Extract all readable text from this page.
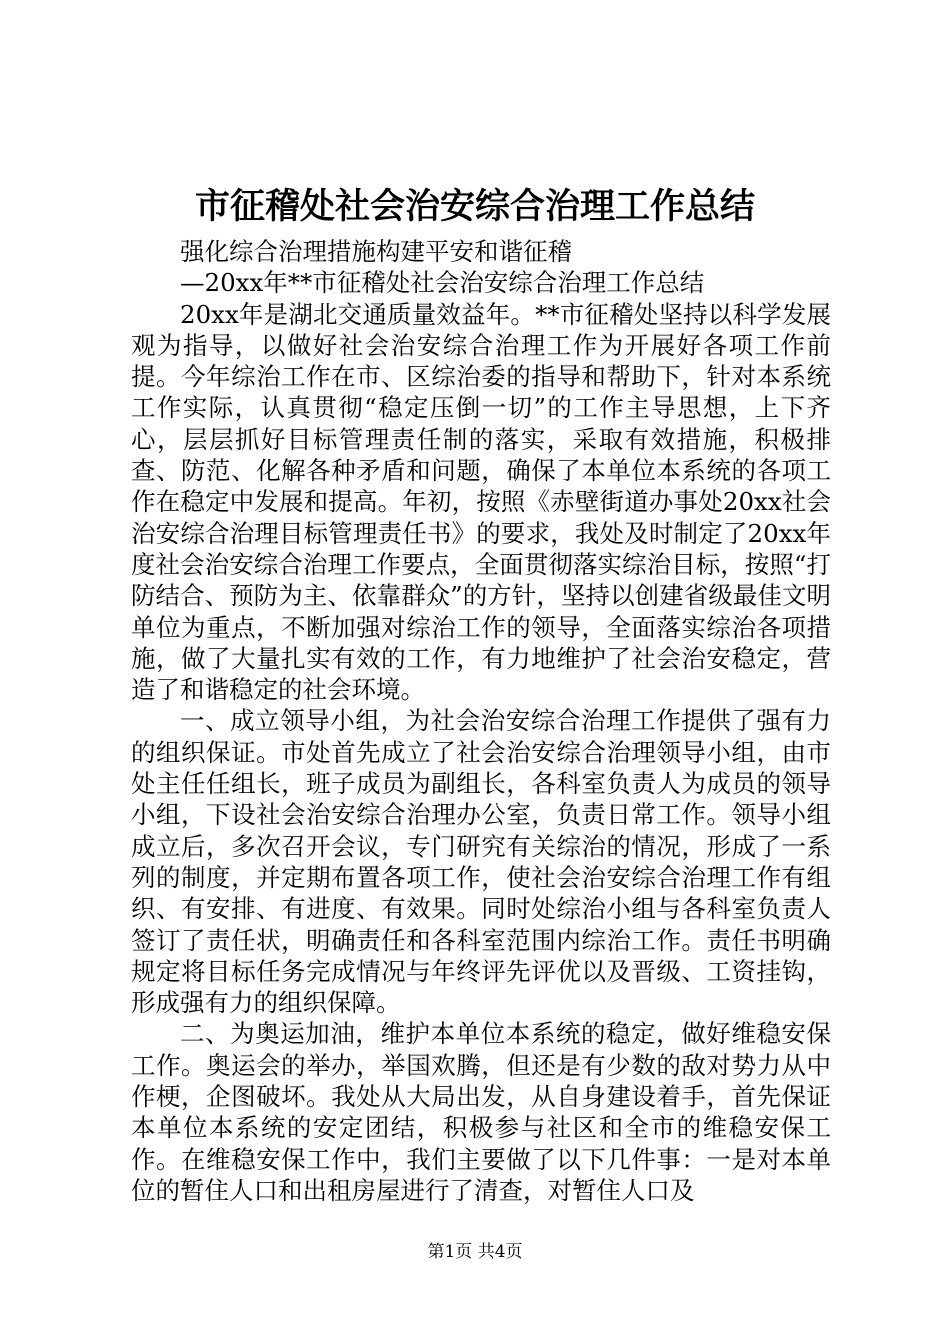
市征稽处社会治安综合治理工作总结

强化综合治理措施构建平安和谐征稽

—20xx年**市征稽处社会治安综合治理工作总结

20xx年是湖北交通质量效益年。**市征稽处坚持以科学发展观为指导，以做好社会治安综合治理工作为开展好各项工作前提。今年综治工作在市、区综治委的指导和帮助下，针对本系统工作实际，认真贯彻“稳定压倒一切”的工作主导思想，上下齐心，层层抓好目标管理责任制的落实，采取有效措施，积极排查、防范、化解各种矛盾和问题，确保了本单位本系统的各项工作在稳定中发展和提高。年初，按照《赤壁街道办事处20xx社会治安综合治理目标管理责任书》的要求，我处及时制定了20xx年度社会治安综合治理工作要点，全面贯彻落实综治目标，按照“打防结合、预防为主、依靠群众”的方针，坚持以创建省级最佳文明单位为重点，不断加强对综治工作的领导，全面落实综治各项措施，做了大量扎实有效的工作，有力地维护了社会治安稳定，营造了和谐稳定的社会环境。

一、成立领导小组，为社会治安综合治理工作提供了强有力的组织保证。市处首先成立了社会治安综合治理领导小组，由市处主任任组长，班子成员为副组长，各科室负责人为成员的领导小组，下设社会治安综合治理办公室，负责日常工作。领导小组成立后，多次召开会议，专门研究有关综治的情况，形成了一系列的制度，并定期布置各项工作，使社会治安综合治理工作有组织、有安排、有进度、有效果。同时处综治小组与各科室负责人签订了责任状，明确责任和各科室范围内综治工作。责任书明确规定将目标任务完成情况与年终评先评优以及晋级、工资挂钩，形成强有力的组织保障。

二、为奥运加油，维护本单位本系统的稳定，做好维稳安保工作。奥运会的举办，举国欢腾，但还是有少数的敌对势力从中作梗，企图破坏。我处从大局出发，从自身建设着手，首先保证本单位本系统的安定团结，积极参与社区和全市的维稳安保工作。在维稳安保工作中，我们主要做了以下几件事：一是对本单位的暂住人口和出租房屋进行了清查，对暂住人口及

第1页 共4页
